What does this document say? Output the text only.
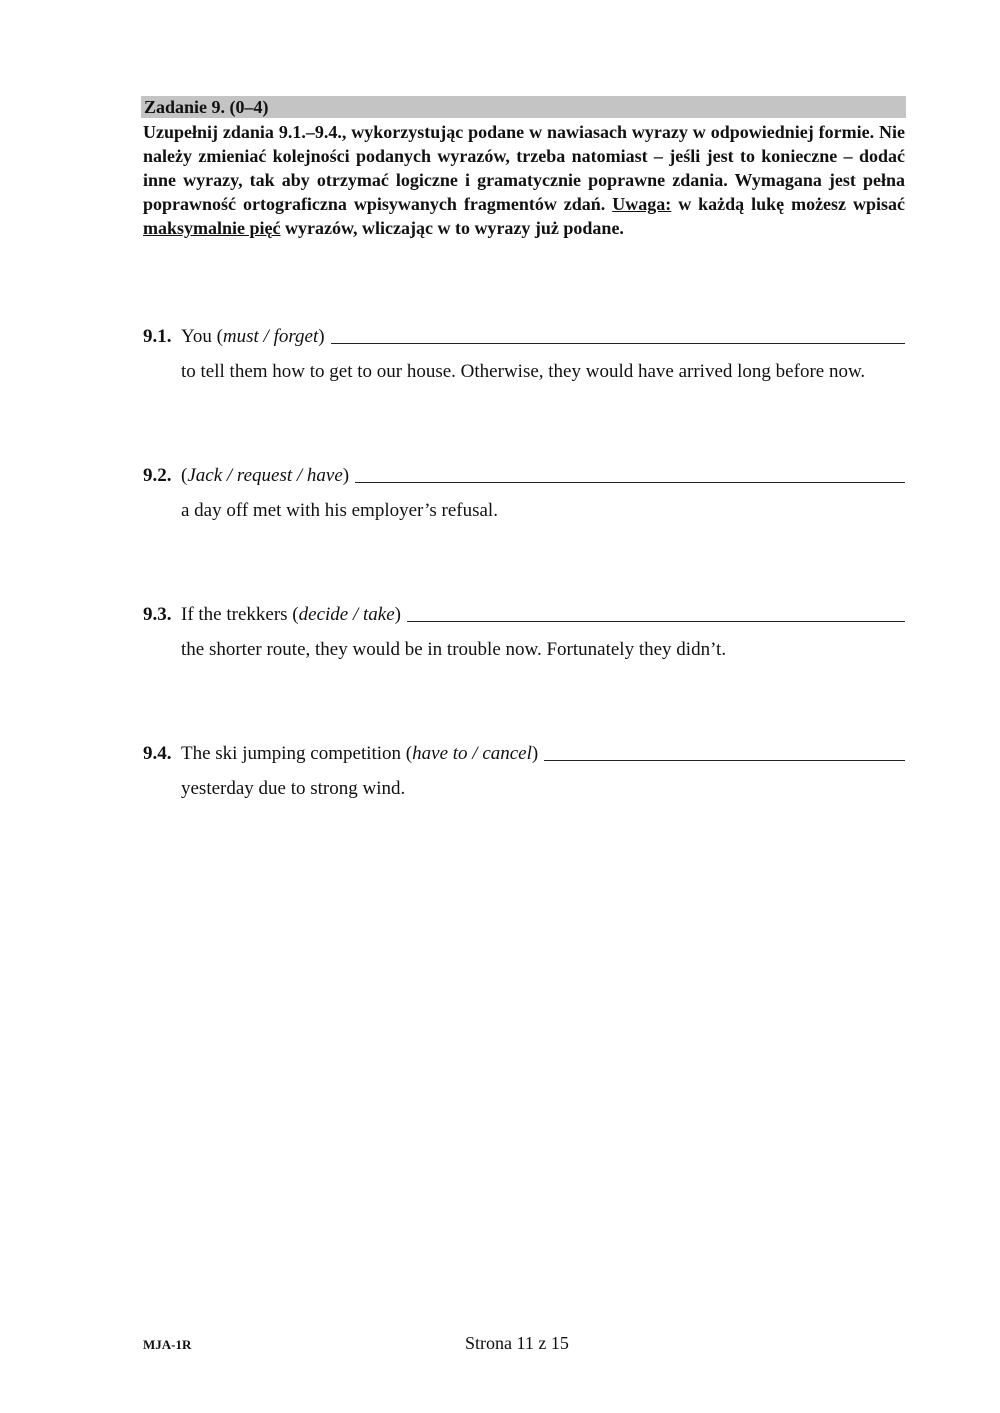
Zadanie 9. (0–4)

Uzupełnij zdania 9.1.–9.4., wykorzystując podane w nawiasach wyrazy w odpowiedniej formie. Nie należy zmieniać kolejności podanych wyrazów, trzeba natomiast – jeśli jest to konieczne – dodać inne wyrazy, tak aby otrzymać logiczne i gramatycznie poprawne zdania. Wymagana jest pełna poprawność ortograficzna wpisywanych fragmentów zdań. Uwaga: w każdą lukę możesz wpisać maksymalnie pięć wyrazów, wliczając w to wyrazy już podane.

9.1. You (must / forget)
to tell them how to get to our house. Otherwise, they would have arrived long before now.
9.2. (Jack / request / have)
a day off met with his employer’s refusal.
9.3. If the trekkers (decide / take)
the shorter route, they would be in trouble now. Fortunately they didn’t.
9.4. The ski jumping competition (have to / cancel)
yesterday due to strong wind.
MJA-1R	Strona 11 z 15
